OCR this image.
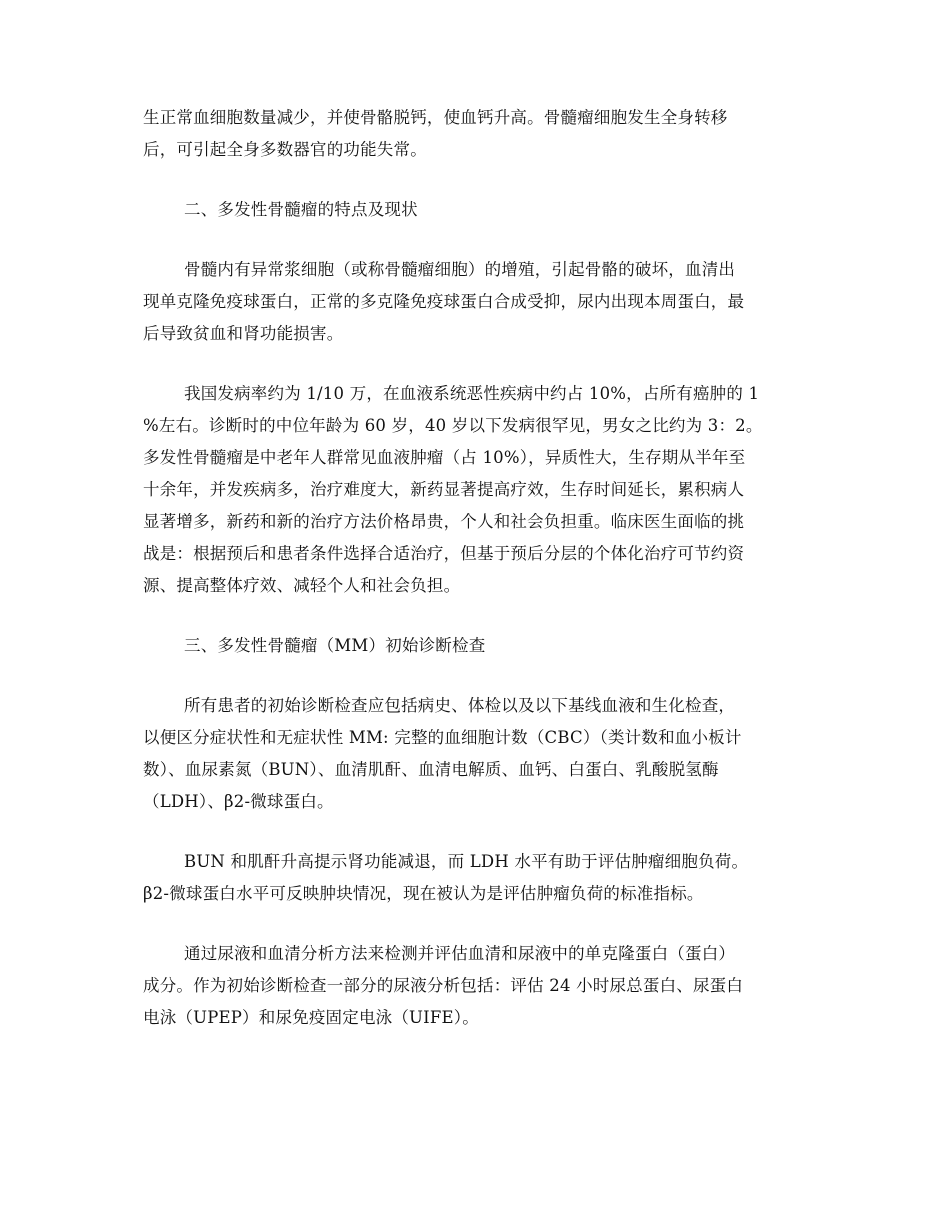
生正常血细胞数量减少，并使骨骼脱钙，使血钙升高。骨髓瘤细胞发生全身转移
后，可引起全身多数器官的功能失常。
二、多发性骨髓瘤的特点及现状
骨髓内有异常浆细胞（或称骨髓瘤细胞）的增殖，引起骨骼的破坏，血清出
现单克隆免疫球蛋白，正常的多克隆免疫球蛋白合成受抑，尿内出现本周蛋白，最
后导致贫血和肾功能损害。
我国发病率约为 1/10 万，在血液系统恶性疾病中约占 10%，占所有癌肿的 1
%左右。诊断时的中位年龄为 60 岁，40 岁以下发病很罕见，男女之比约为 3：2。
多发性骨髓瘤是中老年人群常见血液肿瘤（占 10%），异质性大，生存期从半年至
十余年，并发疾病多，治疗难度大，新药显著提高疗效，生存时间延长，累积病人
显著增多，新药和新的治疗方法价格昂贵，个人和社会负担重。临床医生面临的挑
战是：根据预后和患者条件选择合适治疗，但基于预后分层的个体化治疗可节约资
源、提高整体疗效、减轻个人和社会负担。
三、多发性骨髓瘤（MM）初始诊断检查
所有患者的初始诊断检查应包括病史、体检以及以下基线血液和生化检查，
以便区分症状性和无症状性 MM: 完整的血细胞计数（CBC）（类计数和血小板计
数）、血尿素氮（BUN）、血清肌酐、血清电解质、血钙、白蛋白、乳酸脱氢酶
（LDH）、β2-微球蛋白。
BUN 和肌酐升高提示肾功能减退，而 LDH 水平有助于评估肿瘤细胞负荷。
β2-微球蛋白水平可反映肿块情况，现在被认为是评估肿瘤负荷的标准指标。
通过尿液和血清分析方法来检测并评估血清和尿液中的单克隆蛋白（蛋白）
成分。作为初始诊断检查一部分的尿液分析包括：评估 24 小时尿总蛋白、尿蛋白
电泳（UPEP）和尿免疫固定电泳（UIFE）。
